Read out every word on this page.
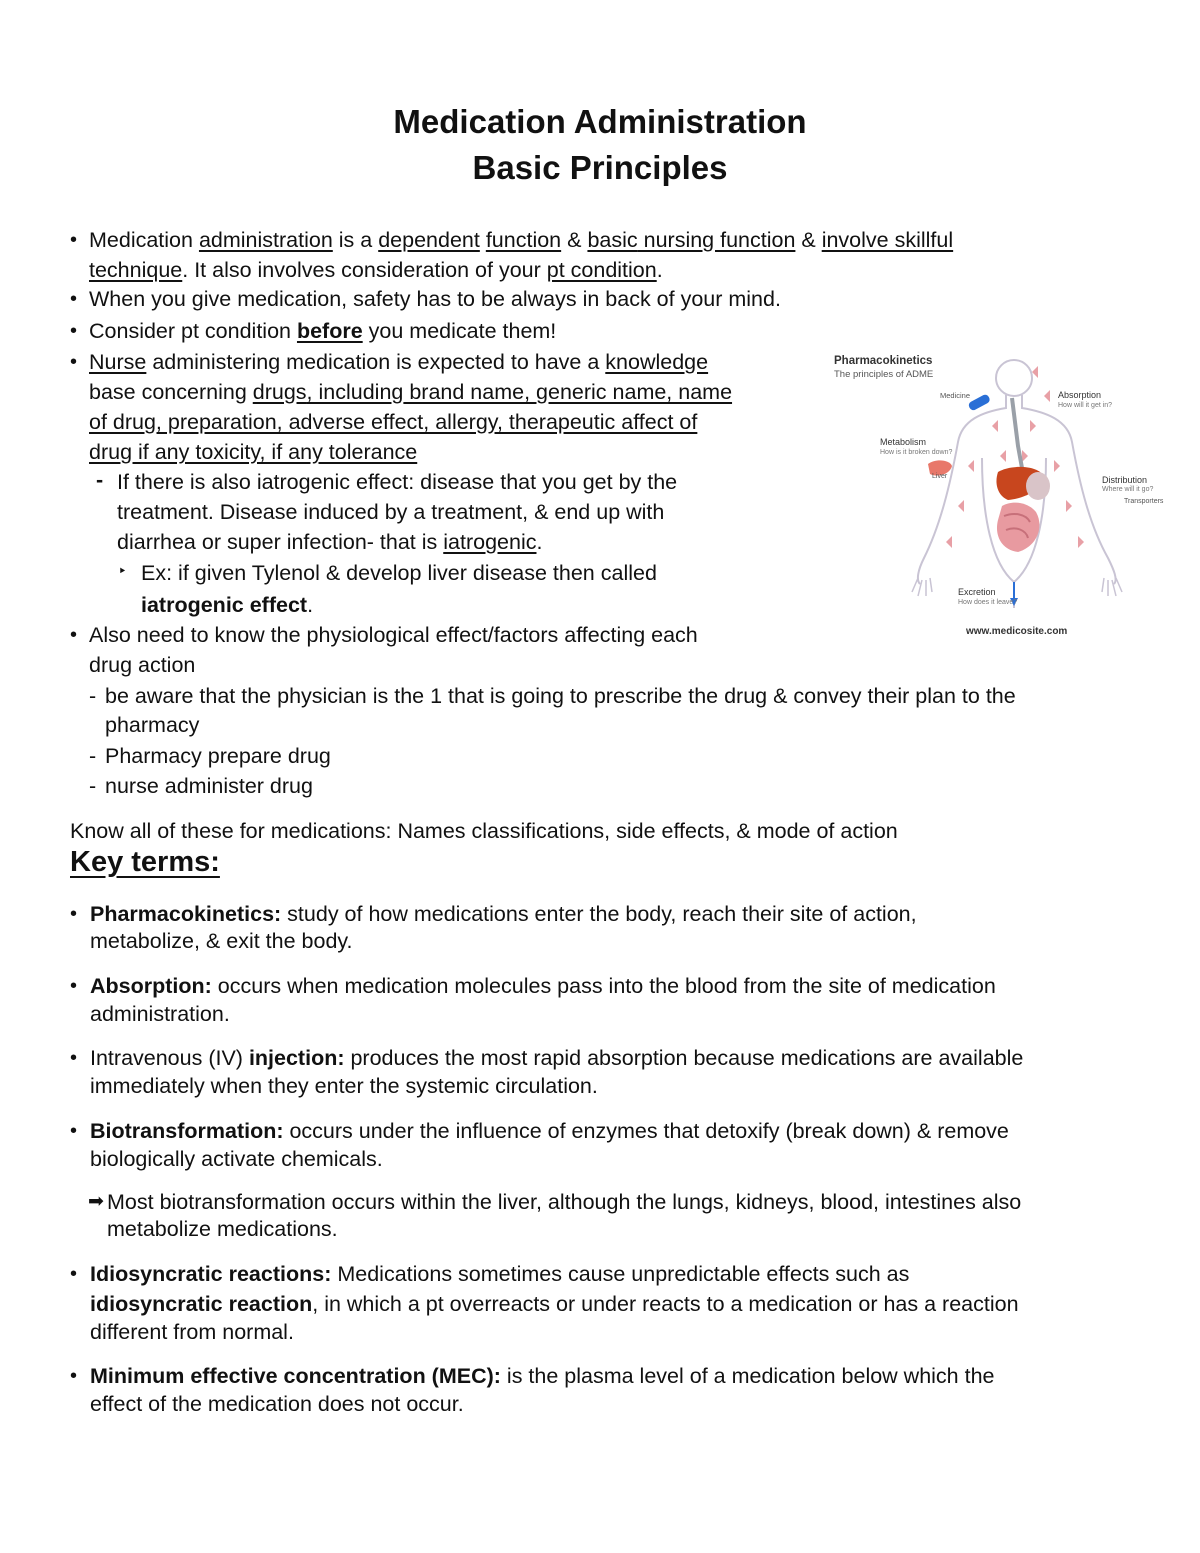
Medication Administration
Basic Principles
• Medication administration is a dependent function & basic nursing function & involve skillful
technique. It also involves consideration of your pt condition.
• When you give medication, safety has to be always in back of your mind.
• Consider pt condition before you medicate them!
• Nurse administering medication is expected to have a knowledge
base concerning drugs, including brand name, generic name, name
of drug, preparation, adverse effect, allergy, therapeutic affect of
drug if any toxicity, if any tolerance
- If there is also iatrogenic effect: disease that you get by the
treatment. Disease induced by a treatment, & end up with
diarrhea or super infection- that is iatrogenic.
‣ Ex: if given Tylenol & develop liver disease then called
iatrogenic effect.
• Also need to know the physiological effect/factors affecting each
drug action
- be aware that the physician is the 1 that is going to prescribe the drug & convey their plan to the
pharmacy
- Pharmacy prepare drug
- nurse administer drug
Know all of these for medications: Names classifications, side effects, & mode of action
Key terms:
• Pharmacokinetics: study of how medications enter the body, reach their site of action,
metabolize, & exit the body.
• Absorption: occurs when medication molecules pass into the blood from the site of medication
administration.
• Intravenous (IV) injection: produces the most rapid absorption because medications are available
immediately when they enter the systemic circulation.
• Biotransformation: occurs under the influence of enzymes that detoxify (break down) & remove
biologically activate chemicals.
➡ Most biotransformation occurs within the liver, although the lungs, kidneys, blood, intestines also
metabolize medications.
• Idiosyncratic reactions: Medications sometimes cause unpredictable effects such as
idiosyncratic reaction, in which a pt overreacts or under reacts to a medication or has a reaction
different from normal.
• Minimum effective concentration (MEC): is the plasma level of a medication below which the
effect of the medication does not occur.
Pharmacokinetics
The principles of ADME
Medicine	Absorption
How will it get in?
Metabolism
How is it broken down?
Liver	Distribution
Where will it go?
Transporters
Excretion
How does it leave?
www.medicosite.com
